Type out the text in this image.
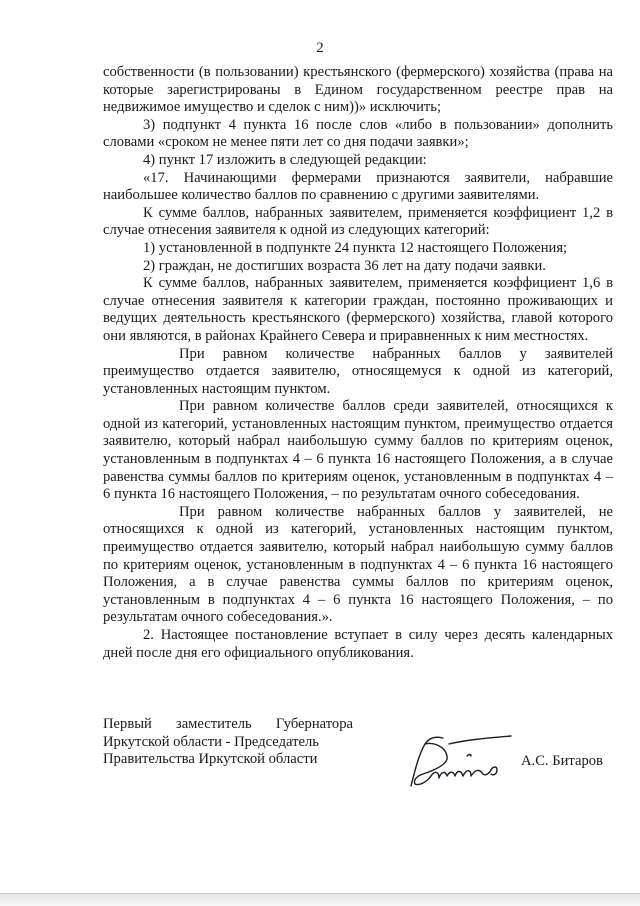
2

собственности (в пользовании) крестьянского (фермерского) хозяйства (права на которые зарегистрированы в Едином государственном реестре прав на недвижимое имущество и сделок с ним))» исключить;

3) подпункт 4 пункта 16 после слов «либо в пользовании» дополнить словами «сроком не менее пяти лет со дня подачи заявки»;

4) пункт 17 изложить в следующей редакции:

«17. Начинающими фермерами признаются заявители, набравшие наибольшее количество баллов по сравнению с другими заявителями.

К сумме баллов, набранных заявителем, применяется коэффициент 1,2 в случае отнесения заявителя к одной из следующих категорий:

1) установленной в подпункте 24 пункта 12 настоящего Положения;

2) граждан, не достигших возраста 36 лет на дату подачи заявки.

К сумме баллов, набранных заявителем, применяется коэффициент 1,6 в случае отнесения заявителя к категории граждан, постоянно проживающих и ведущих деятельность крестьянского (фермерского) хозяйства, главой которого они являются, в районах Крайнего Севера и приравненных к ним местностях.

При равном количестве набранных баллов у заявителей преимущество отдается заявителю, относящемуся к одной из категорий, установленных настоящим пунктом.

При равном количестве баллов среди заявителей, относящихся к одной из категорий, установленных настоящим пунктом, преимущество отдается заявителю, который набрал наибольшую сумму баллов по критериям оценок, установленным в подпунктах 4 – 6 пункта 16 настоящего Положения, а в случае равенства суммы баллов по критериям оценок, установленным в подпунктах 4 – 6 пункта 16 настоящего Положения, – по результатам очного собеседования.

При равном количестве набранных баллов у заявителей, не относящихся к одной из категорий, установленных настоящим пунктом, преимущество отдается заявителю, который набрал наибольшую сумму баллов по критериям оценок, установленным в подпунктах 4 – 6 пункта 16 настоящего Положения, а в случае равенства суммы баллов по критериям оценок, установленным в подпунктах 4 – 6 пункта 16 настоящего Положения, – по результатам очного собеседования.».

2. Настоящее постановление вступает в силу через десять календарных дней после дня его официального опубликования.

Первый заместитель Губернатора
Иркутской области - Председатель
Правительства Иркутской области	А.С. Битаров
